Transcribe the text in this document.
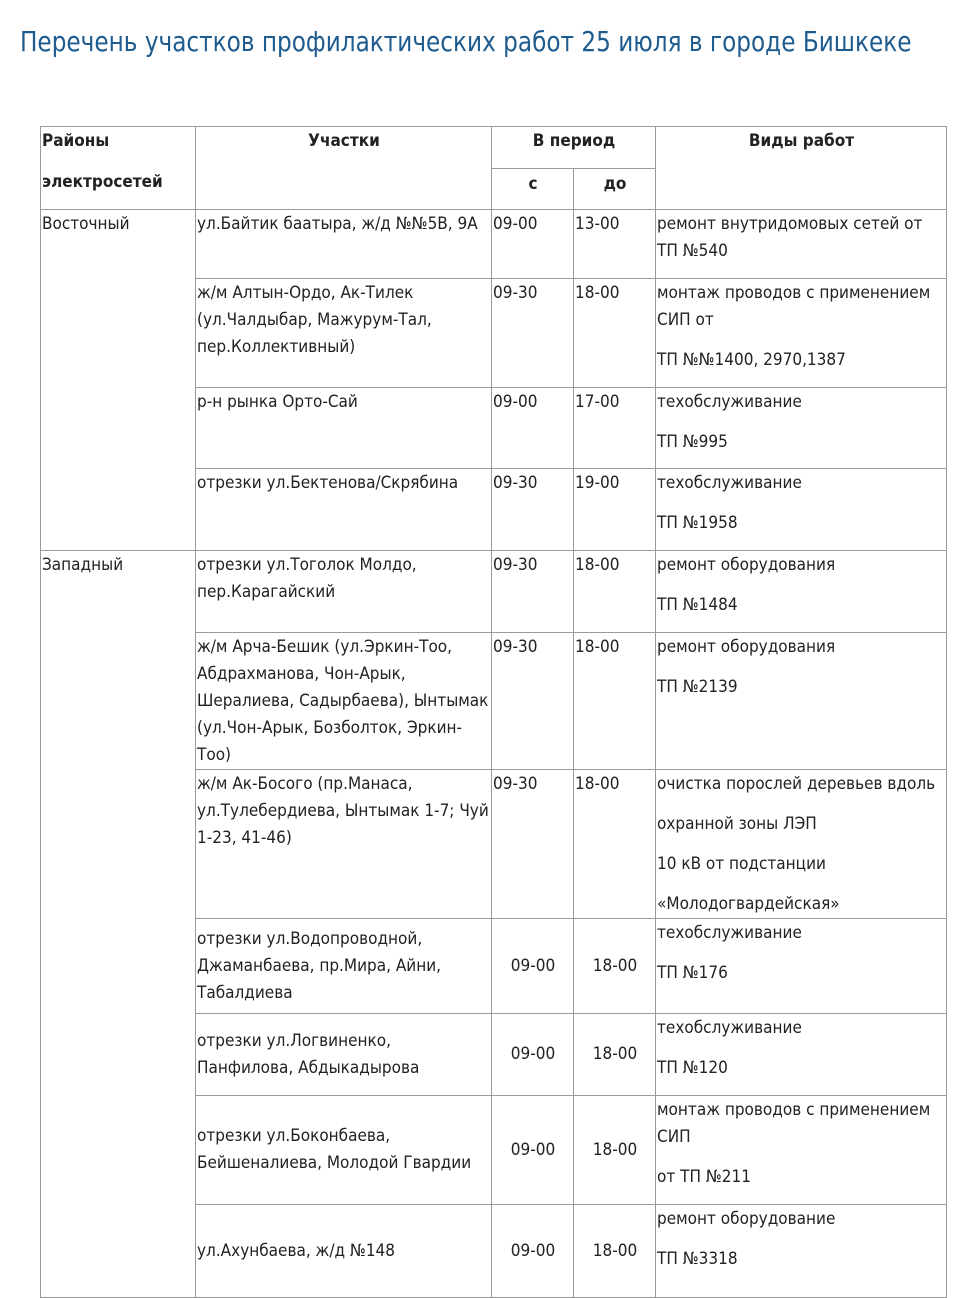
Перечень участков профилактических работ 25 июля в городе Бишкеке
Районы
электросетей	Участки	В период		Виды работ
		с	до	
Восточный	ул.Байтик баатыра, ж/д №№5В, 9А	09-00	13-00	ремонт внутридомовых сетей от ТП №540

	ж/м Алтын-Ордо, Ак-Тилек (ул.Чалдыбар, Мажурум-Тал, пер.Коллективный)	09-30	18-00	монтаж проводов с применением СИП от
ТП №№1400, 2970,1387

	р-н рынка Орто-Сай	09-00	17-00	техобслуживание
ТП №995

	отрезки ул.Бектенова/Скрябина	09-30	19-00	техобслуживание
ТП №1958

Западный	отрезки ул.Тоголок Молдо, пер.Карагайский	09-30	18-00	ремонт оборудования
ТП №1484

	ж/м Арча-Бешик (ул.Эркин-Тоо, Абдрахманова, Чон-Арык, Шералиева, Садырбаева), Ынтымак (ул.Чон-Арык, Бозболток, Эркин-Тоо)	09-30	18-00	ремонт оборудования
ТП №2139

	ж/м Ак-Босого (пр.Манаса, ул.Тулебердиева, Ынтымак 1-7; Чуй 1-23, 41-46)	09-30	18-00	очистка порослей деревьев вдоль
охранной зоны ЛЭП
10 кВ от подстанции
«Молодогвардейская»

	отрезки ул.Водопроводной, Джаманбаева, пр.Мира, Айни, Табалдиева	09-00	18-00	техобслуживание
ТП №176

	отрезки ул.Логвиненко, Панфилова, Абдыкадырова	09-00	18-00	техобслуживание
ТП №120

	отрезки ул.Боконбаева, Бейшеналиева, Молодой Гвардии	09-00	18-00	монтаж проводов с применением СИП
от ТП №211

	ул.Ахунбаева, ж/д №148	09-00	18-00	ремонт оборудование
ТП №3318
